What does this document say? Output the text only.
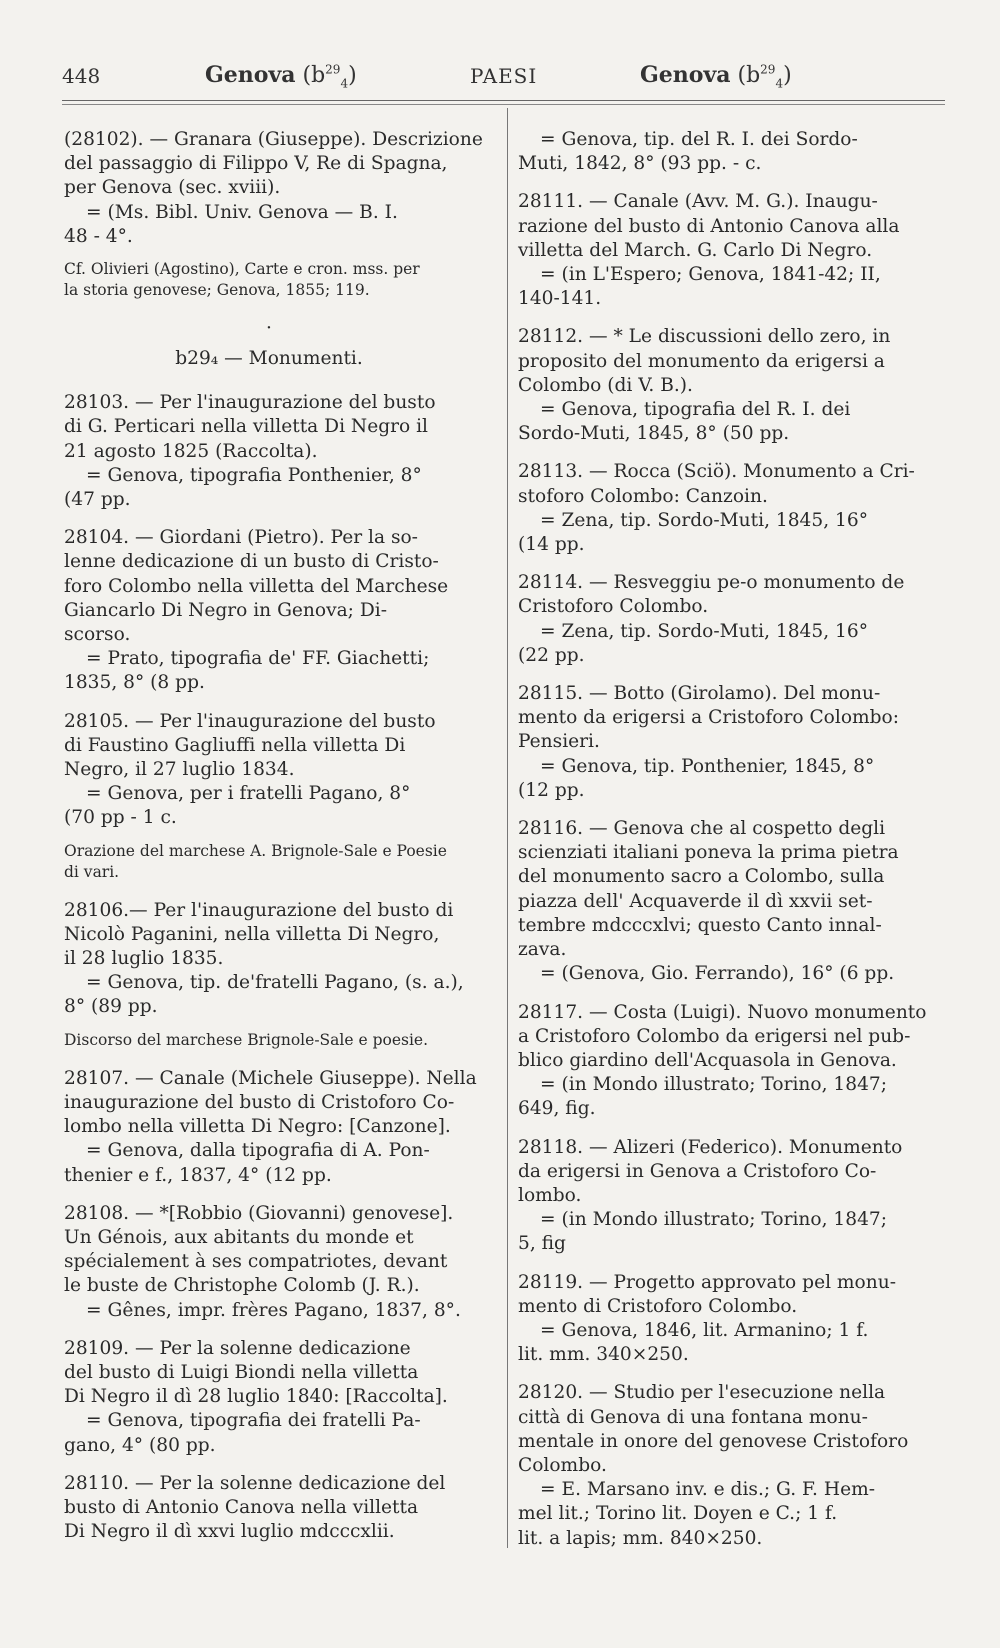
448	Genova $(b^{29}_4)$	PAESI	Genova $(b^{29}_4)$
(28102). — Granara (Giuseppe). Descrizione
del passaggio di Filippo V, Re di Spagna,
per Genova (sec. xviii).
= (Ms. Bibl. Univ. Genova — B. I.
48 - 4°.
Cf. Olivieri (Agostino), Carte e cron. mss. per
la storia genovese; Genova, 1855; 119.
·
b29₄ — Monumenti.
28103. — Per l'inaugurazione del busto
di G. Perticari nella villetta Di Negro il
21 agosto 1825 (Raccolta).
= Genova, tipografia Ponthenier, 8°
(47 pp.
28104. — Giordani (Pietro). Per la so-
lenne dedicazione di un busto di Cristo-
foro Colombo nella villetta del Marchese
Giancarlo Di Negro in Genova; Di-
scorso.
= Prato, tipografia de' FF. Giachetti;
1835, 8° (8 pp.
28105. — Per l'inaugurazione del busto
di Faustino Gagliuffi nella villetta Di
Negro, il 27 luglio 1834.
= Genova, per i fratelli Pagano, 8°
(70 pp - 1 c.
Orazione del marchese A. Brignole-Sale e Poesie
di vari.
28106.— Per l'inaugurazione del busto di
Nicolò Paganini, nella villetta Di Negro,
il 28 luglio 1835.
= Genova, tip. de'fratelli Pagano, (s. a.),
8° (89 pp.
Discorso del marchese Brignole-Sale e poesie.
28107. — Canale (Michele Giuseppe). Nella
inaugurazione del busto di Cristoforo Co-
lombo nella villetta Di Negro: [Canzone].
= Genova, dalla tipografia di A. Pon-
thenier e f., 1837, 4° (12 pp.
28108. — *[Robbio (Giovanni) genovese].
Un Génois, aux abitants du monde et
spécialement à ses compatriotes, devant
le buste de Christophe Colomb (J. R.).
= Gênes, impr. frères Pagano, 1837, 8°.
28109. — Per la solenne dedicazione
del busto di Luigi Biondi nella villetta
Di Negro il dì 28 luglio 1840: [Raccolta].
= Genova, tipografia dei fratelli Pa-
gano, 4° (80 pp.
28110. — Per la solenne dedicazione del
busto di Antonio Canova nella villetta
Di Negro il dì xxvi luglio mdcccxlii.
= Genova, tip. del R. I. dei Sordo-
Muti, 1842, 8° (93 pp. - c.
28111. — Canale (Avv. M. G.). Inaugu-
razione del busto di Antonio Canova alla
villetta del March. G. Carlo Di Negro.
= (in L'Espero; Genova, 1841-42; II,
140-141.
28112. — * Le discussioni dello zero, in
proposito del monumento da erigersi a
Colombo (di V. B.).
= Genova, tipografia del R. I. dei
Sordo-Muti, 1845, 8° (50 pp.
28113. — Rocca (Sciö). Monumento a Cri-
stoforo Colombo: Canzoin.
= Zena, tip. Sordo-Muti, 1845, 16°
(14 pp.
28114. — Resveggiu pe-o monumento de
Cristoforo Colombo.
= Zena, tip. Sordo-Muti, 1845, 16°
(22 pp.
28115. — Botto (Girolamo). Del monu-
mento da erigersi a Cristoforo Colombo:
Pensieri.
= Genova, tip. Ponthenier, 1845, 8°
(12 pp.
28116. — Genova che al cospetto degli
scienziati italiani poneva la prima pietra
del monumento sacro a Colombo, sulla
piazza dell' Acquaverde il dì xxvii set-
tembre mdcccxlvi; questo Canto innal-
zava.
= (Genova, Gio. Ferrando), 16° (6 pp.
28117. — Costa (Luigi). Nuovo monumento
a Cristoforo Colombo da erigersi nel pub-
blico giardino dell'Acquasola in Genova.
= (in Mondo illustrato; Torino, 1847;
649, fig.
28118. — Alizeri (Federico). Monumento
da erigersi in Genova a Cristoforo Co-
lombo.
= (in Mondo illustrato; Torino, 1847;
5, fig
28119. — Progetto approvato pel monu-
mento di Cristoforo Colombo.
= Genova, 1846, lit. Armanino; 1 f.
lit. mm. 340×250.
28120. — Studio per l'esecuzione nella
città di Genova di una fontana monu-
mentale in onore del genovese Cristoforo
Colombo.
= E. Marsano inv. e dis.; G. F. Hem-
mel lit.; Torino lit. Doyen e C.; 1 f.
lit. a lapis; mm. 840×250.
